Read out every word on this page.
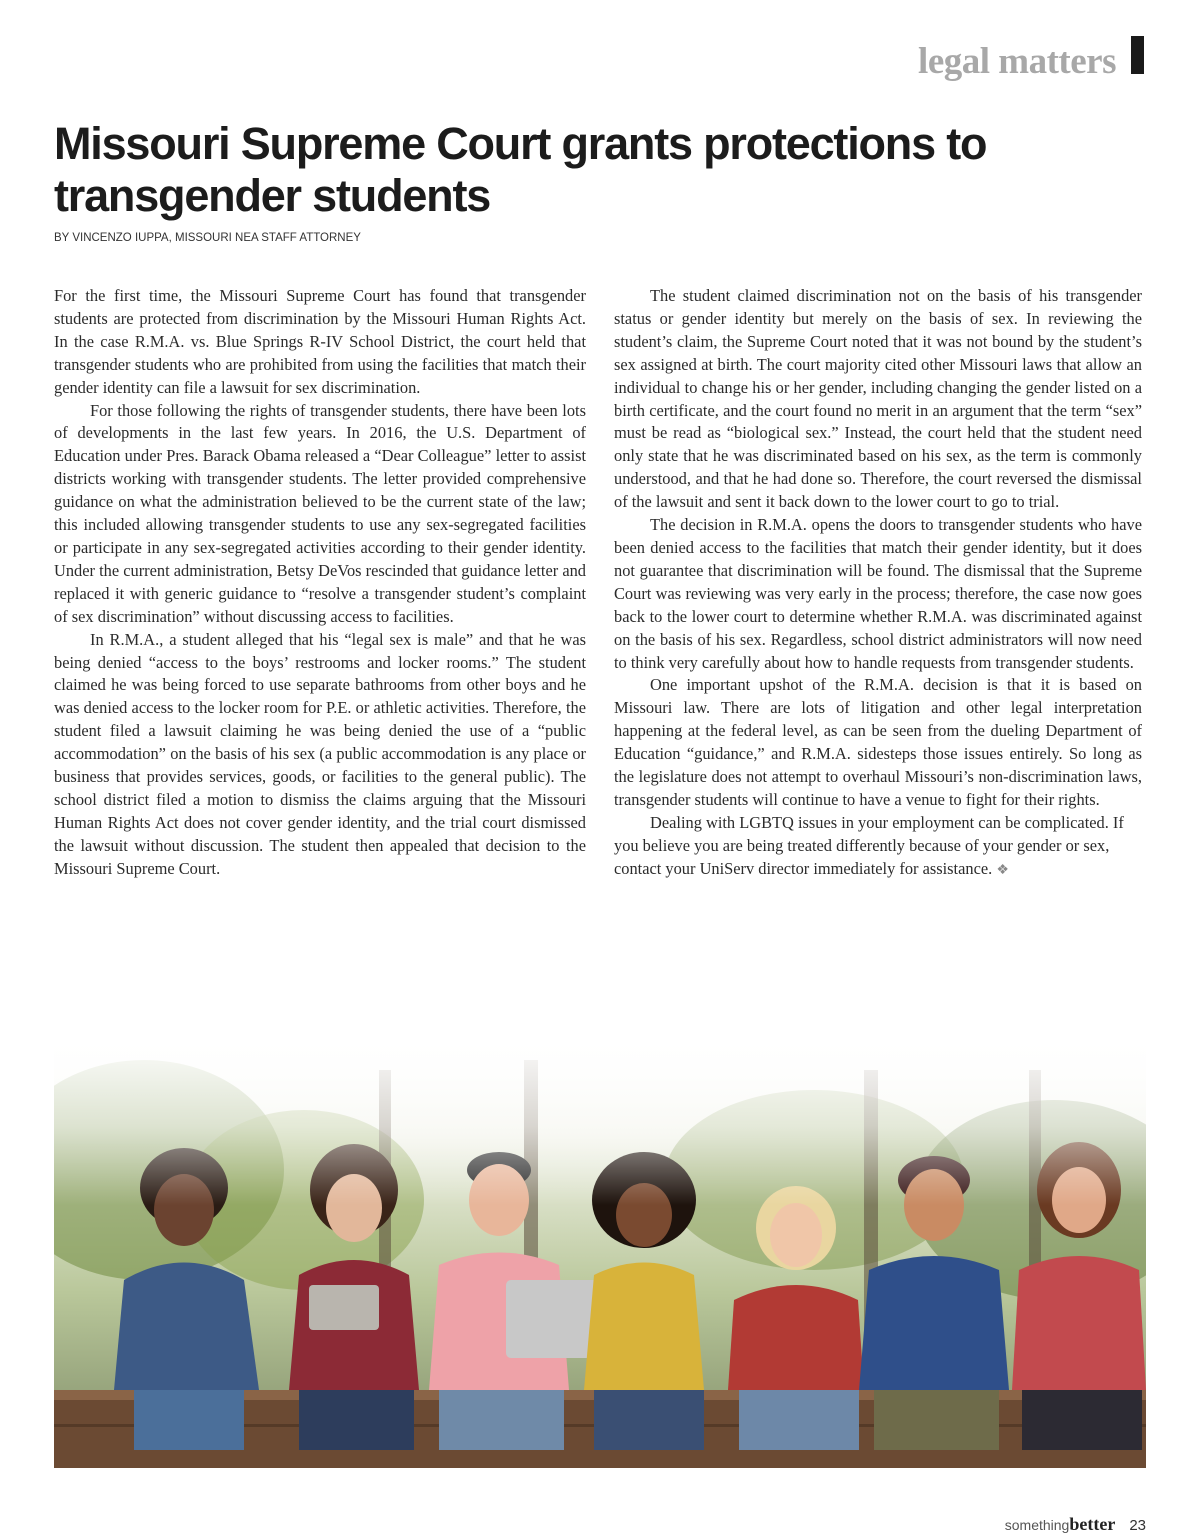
legal matters
Missouri Supreme Court grants protections to transgender students

BY VINCENZO IUPPA, MISSOURI NEA STAFF ATTORNEY

For the first time, the Missouri Supreme Court has found that transgender students are protected from discrimination by the Missouri Human Rights Act. In the case R.M.A. vs. Blue Springs R-IV School District, the court held that transgender students who are prohibited from using the facilities that match their gender identity can file a lawsuit for sex discrimination.

For those following the rights of transgender students, there have been lots of developments in the last few years. In 2016, the U.S. Department of Education under Pres. Barack Obama released a “Dear Colleague” letter to assist districts working with transgender students. The letter provided comprehensive guidance on what the administration believed to be the current state of the law; this included allowing transgender students to use any sex-segregated facilities or participate in any sex-segregated activities according to their gender identity. Under the current administration, Betsy DeVos rescinded that guidance letter and replaced it with generic guidance to “resolve a transgender student’s complaint of sex discrimination” without discussing access to facilities.

In R.M.A., a student alleged that his “legal sex is male” and that he was being denied “access to the boys’ restrooms and locker rooms.” The student claimed he was being forced to use separate bathrooms from other boys and he was denied access to the locker room for P.E. or athletic activities. Therefore, the student filed a lawsuit claiming he was being denied the use of a “public accommodation” on the basis of his sex (a public accommodation is any place or business that provides services, goods, or facilities to the general public). The school district filed a motion to dismiss the claims arguing that the Missouri Human Rights Act does not cover gender identity, and the trial court dismissed the lawsuit without discussion. The student then appealed that decision to the Missouri Supreme Court.

The student claimed discrimination not on the basis of his transgender status or gender identity but merely on the basis of sex. In reviewing the student’s claim, the Supreme Court noted that it was not bound by the student’s sex assigned at birth. The court majority cited other Missouri laws that allow an individual to change his or her gender, including changing the gender listed on a birth certificate, and the court found no merit in an argument that the term “sex” must be read as “biological sex.” Instead, the court held that the student need only state that he was discriminated based on his sex, as the term is commonly understood, and that he had done so. Therefore, the court reversed the dismissal of the lawsuit and sent it back down to the lower court to go to trial.

The decision in R.M.A. opens the doors to transgender students who have been denied access to the facilities that match their gender identity, but it does not guarantee that discrimination will be found. The dismissal that the Supreme Court was reviewing was very early in the process; therefore, the case now goes back to the lower court to determine whether R.M.A. was discriminated against on the basis of his sex. Regardless, school district administrators will now need to think very carefully about how to handle requests from transgender students.

One important upshot of the R.M.A. decision is that it is based on Missouri law. There are lots of litigation and other legal interpretation happening at the federal level, as can be seen from the dueling Department of Education “guidance,” and R.M.A. sidesteps those issues entirely. So long as the legislature does not attempt to overhaul Missouri’s non-discrimination laws, transgender students will continue to have a venue to fight for their rights.

Dealing with LGBTQ issues in your employment can be complicated. If you believe you are being treated differently because of your gender or sex, contact your UniServ director immediately for assistance. ❖

somethingbetter 23
